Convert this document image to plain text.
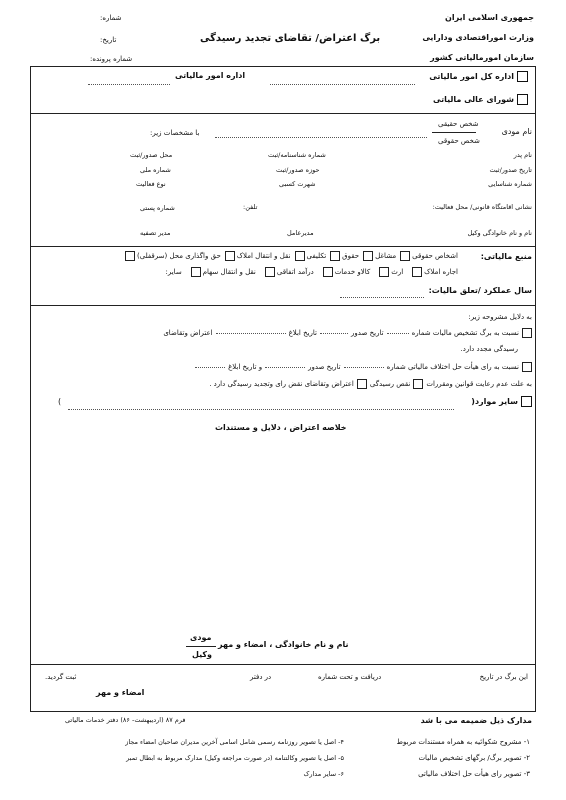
جمهوری اسلامی ایران
وزارت اموراقتصادی ودارایی
سازمان امورمالیاتی کشور
برگ اعتراض/ تقاضای تجدید رسیدگی
شماره:
تاریخ:
شماره پرونده:
اداره کل امور مالیاتی
اداره امور مالیاتی
شورای عالی مالیاتی
شخص حقیقی
شخص حقوقی
نام مودی
با مشخصات زیر:
نام پدر
شماره شناسنامه/ثبت
محل صدور/ثبت
تاریخ صدور/ثبت
حوزه صدور/ثبت
شماره ملی
شماره شناسایی
شهرت کسبی
نوع فعالیت
نشانی اقامتگاه قانونی/ محل فعالیت:
تلفن:
شماره پستی
نام و نام خانوادگی وکیل
مدیرعامل
مدیر تصفیه
منبع مالیاتی:
اشخاص حقوقی
مشاغل
حقوق
تکلیفی
نقل و انتقال املاک
حق واگذاری محل (سرقفلی)
اجاره املاک
ارث
کالاو خدمات
درآمد اتفاقی
نقل و انتقال سهام
سایر:
سال عملکرد /تعلق مالیات:
به دلایل مشروحه زیر:
نسبت به برگ تشخیص مالیات شماره
تاریخ صدور
تاریخ ابلاغ
اعتراض وتقاضای
رسیدگی مجدد دارد.
نسبت به رای هیأت حل اختلاف مالیاتی شماره
تاریخ صدور
و تاریخ ابلاغ
به علت عدم رعایت قوانین ومقررات
نقص رسیدگی
اعتراض وتقاضای نقض رای وتجدید رسیدگی دارد .
سایر موارد(
)
خلاصه اعتراض ، دلایل و مستندات
مودی
وکیل
نام و نام خانوادگی ، امضاء و مهر
این برگ در تاریخ
دریافت و تحت شماره
در دفتر
ثبت گردید.
امضاء و مهر
مدارک ذیل ضمیمه می با شد
فرم ۸۷ (اردیبهشت- ۸۶) دفتر خدمات مالیاتی
۱- مشروح شکوائیه به همراه مستندات مربوط
۲- تصویر برگ/ برگهای تشخیص مالیات
۳- تصویر رای هیأت حل اختلاف مالیاتی
۴- اصل یا تصویر روزنامه رسمی شامل اسامی آخرین مدیران صاحبان امضاء مجاز
۵- اصل یا تصویر وکالتنامه (در صورت مراجعه وکیل) مدارک مربوط به ابطال تمبر
۶- سایر مدارک
